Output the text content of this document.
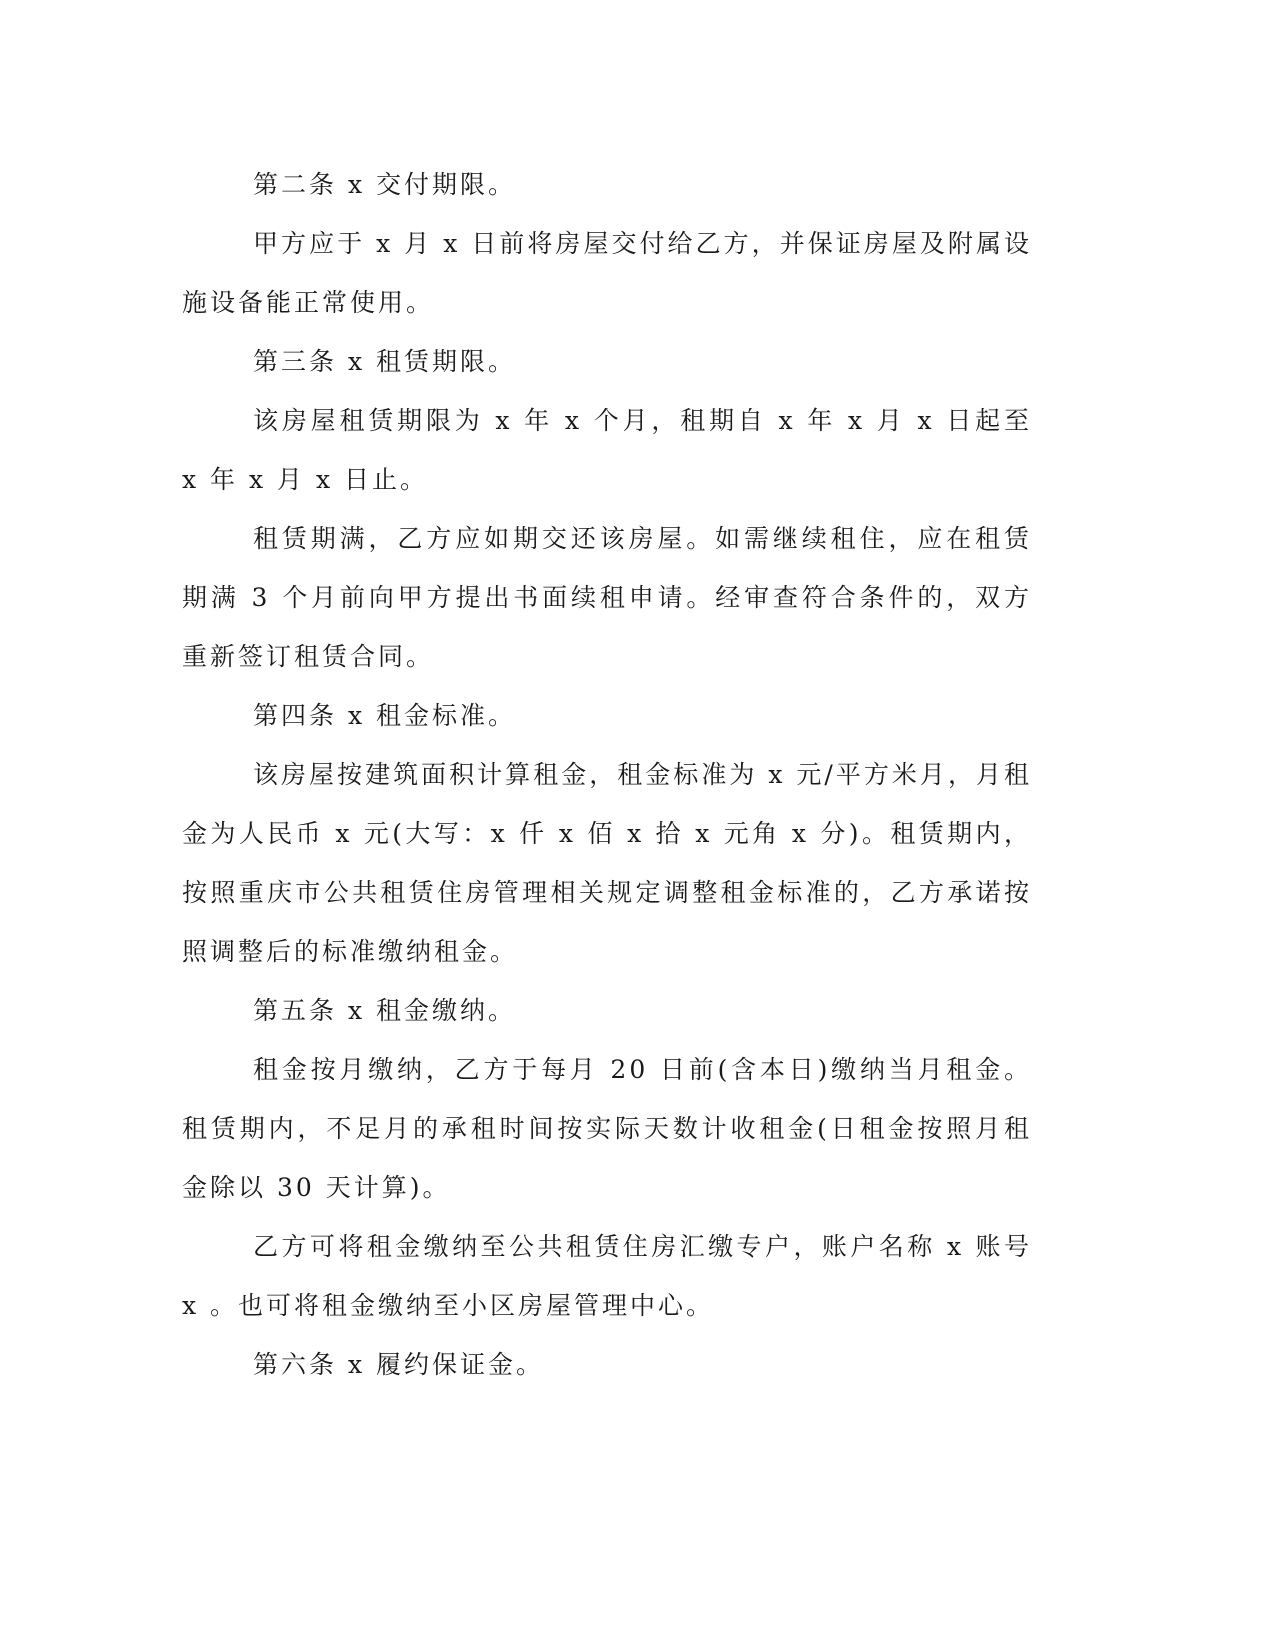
第二条 x 交付期限。

甲方应于 x 月 x 日前将房屋交付给乙方，并保证房屋及附属设施设备能正常使用。

第三条 x 租赁期限。

该房屋租赁期限为 x 年 x 个月，租期自 x 年 x 月 x 日起至 x 年 x 月 x 日止。

租赁期满，乙方应如期交还该房屋。如需继续租住，应在租赁期满 3 个月前向甲方提出书面续租申请。经审查符合条件的，双方重新签订租赁合同。

第四条 x 租金标准。

该房屋按建筑面积计算租金，租金标准为 x 元/平方米月，月租金为人民币 x 元(大写：x 仟 x 佰 x 拾 x 元角 x 分)。租赁期内，按照重庆市公共租赁住房管理相关规定调整租金标准的，乙方承诺按照调整后的标准缴纳租金。

第五条 x 租金缴纳。

租金按月缴纳，乙方于每月 20 日前(含本日)缴纳当月租金。租赁期内，不足月的承租时间按实际天数计收租金(日租金按照月租金除以 30 天计算)。

乙方可将租金缴纳至公共租赁住房汇缴专户，账户名称 x 账号 x 。也可将租金缴纳至小区房屋管理中心。

第六条 x 履约保证金。
